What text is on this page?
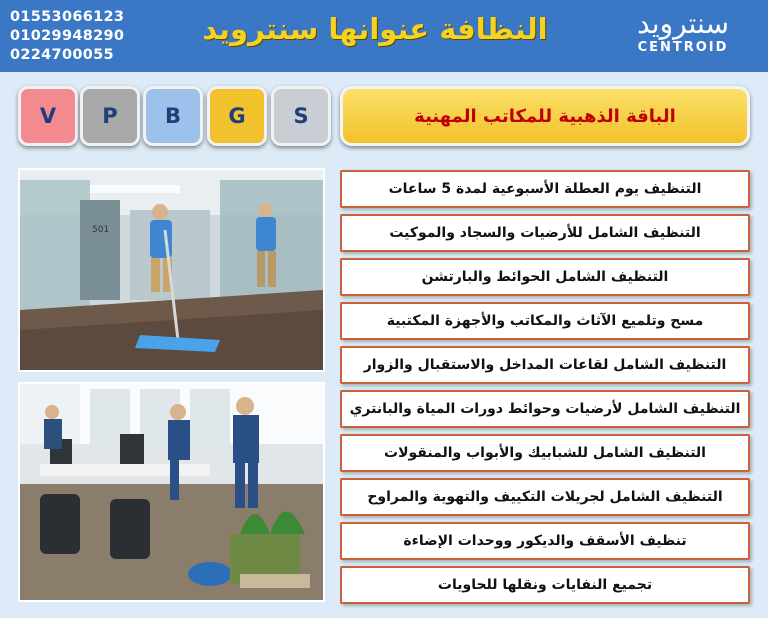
01553066123
01029948290
0224700055
النظافة عنوانها سنترويد	سنترويد
CENTROID
V	P	B	G	S	الباقة الذهبية للمكاتب المهنية
501
التنظيف يوم العطلة الأسبوعية لمدة 5 ساعات
التنظيف الشامل للأرضيات والسجاد والموكيت
التنظيف الشامل الحوائط والبارتشن
مسح وتلميع الآثاث والمكاتب والأجهزة المكتبية
التنظيف الشامل لقاعات المداخل والاستقبال والزوار
التنظيف الشامل لأرضيات وحوائط دورات المياة والبانتري
التنظيف الشامل للشبابيك والأبواب والمنقولات
التنظيف الشامل لجريلات التكييف والتهوية والمراوح
تنظيف الأسقف والديكور ووحدات الإضاءة
تجميع النفايات ونقلها للحاويات
